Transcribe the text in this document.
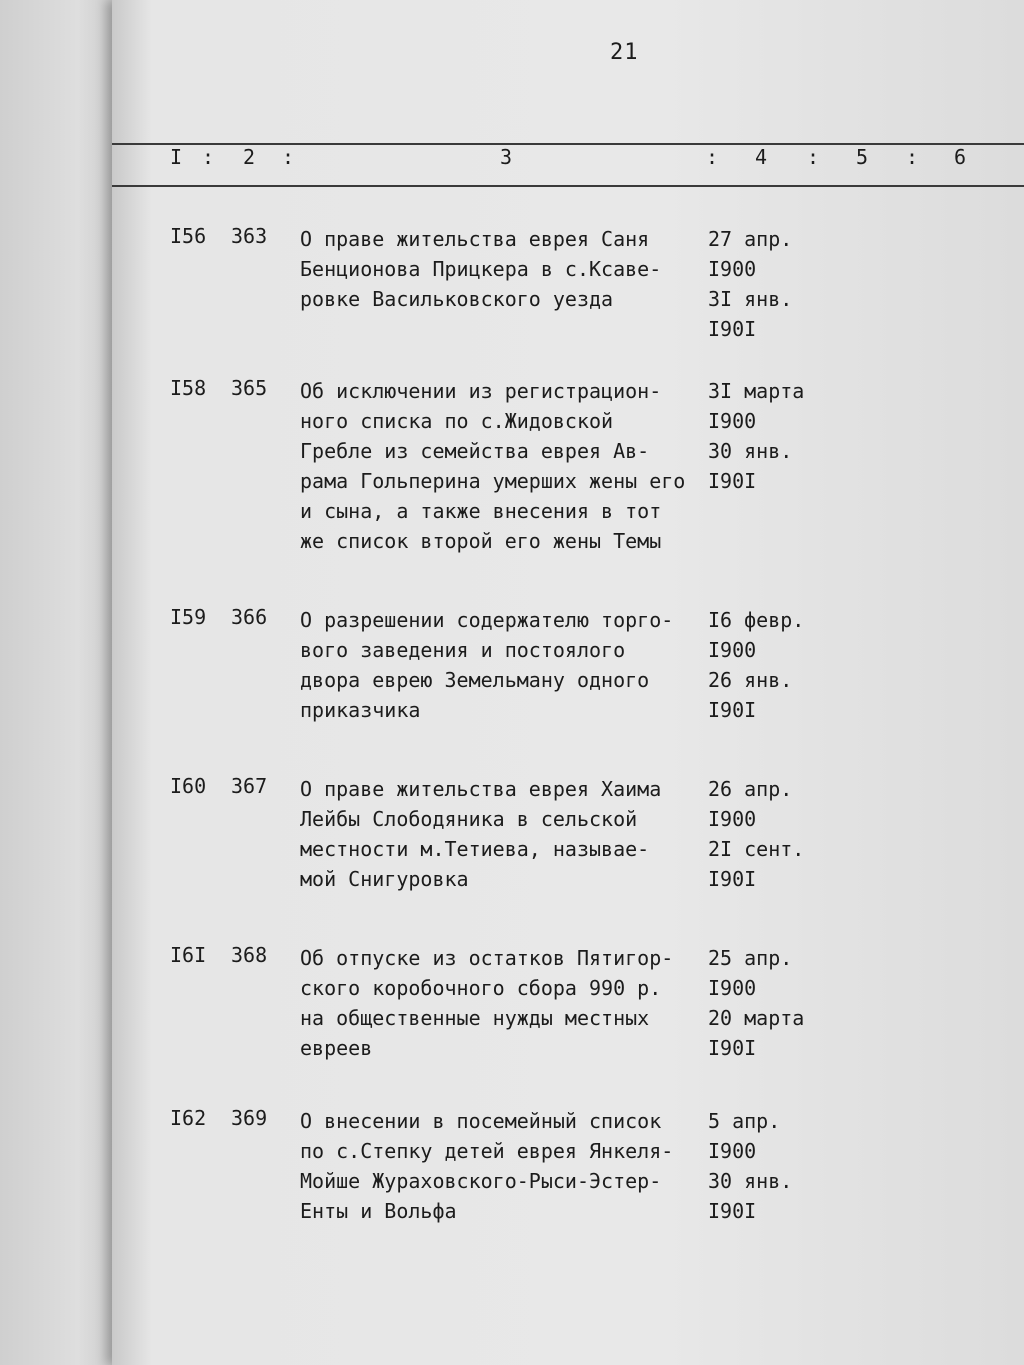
21
I : 2 :	3	: 4 : 5 : 6
I56 363 О праве жительства еврея Саня
Бенционова Прицкера в с.Ксаве-
ровке Васильковского уезда
27 апр.
I900
3I янв.
I90I
I58 365 Об исключении из регистрацион-
ного списка по с.Жидовской
Гребле из семейства еврея Ав-
рама Гольперина умерших жены его
и сына, а также внесения в тот
же список второй его жены Темы
3I марта
I900
30 янв.
I90I
I59 366 О разрешении содержателю торго-
вого заведения и постоялого
двора еврею Земельману одного
приказчика
I6 февр.
I900
26 янв.
I90I
I60 367 О праве жительства еврея Хаима
Лейбы Слободяника в сельской
местности м.Тетиева, называе-
мой Снигуровка
26 апр.
I900
2I сент.
I90I
I6I 368 Об отпуске из остатков Пятигор-
ского коробочного сбора 990 р.
на общественные нужды местных
евреев
25 апр.
I900
20 марта
I90I
I62 369 О внесении в посемейный список
по с.Степку детей еврея Янкеля-
Мойше Жураховского-Рыси-Эстер-
Енты и Вольфа
5 апр.
I900
30 янв.
I90I
